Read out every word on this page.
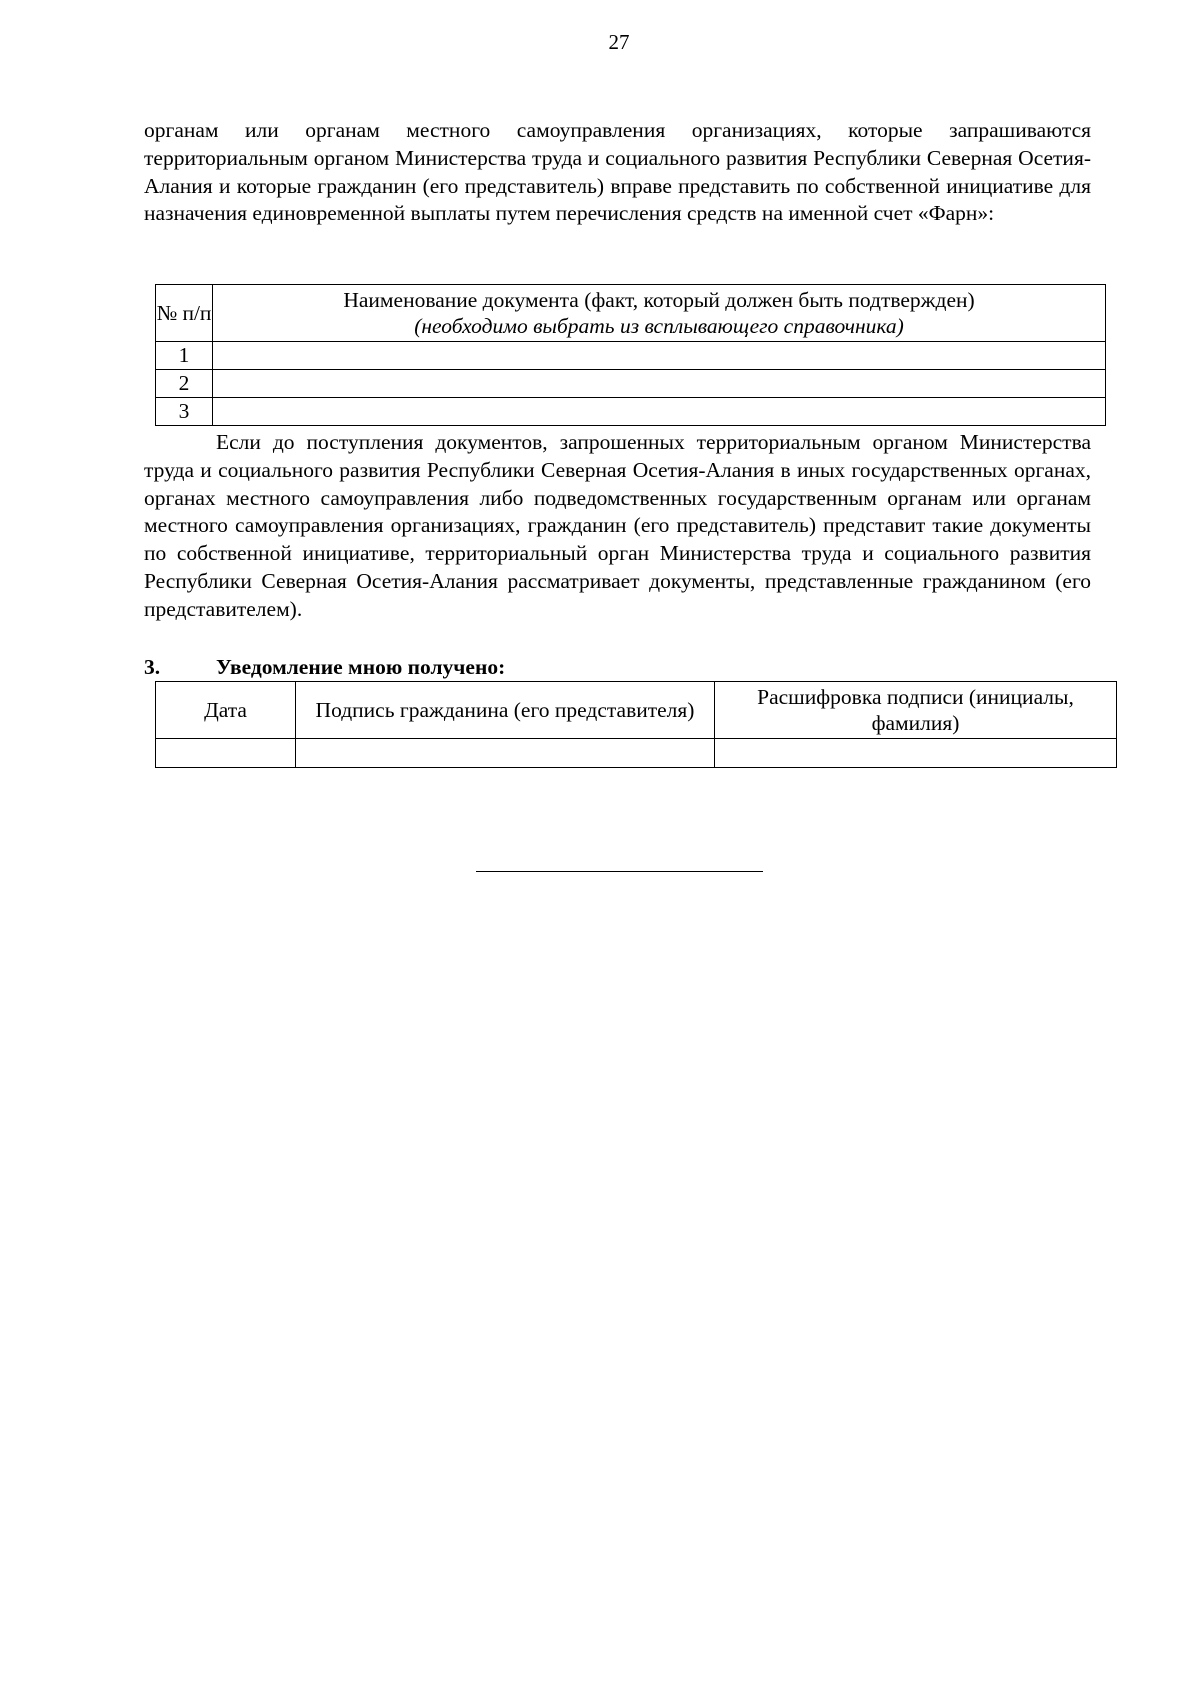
27
органам или органам местного самоуправления организациях, которые запрашиваются территориальным органом Министерства труда и социального развития Республики Северная Осетия-Алания и которые гражданин (его представитель) вправе представить по собственной инициативе для назначения единовременной выплаты путем перечисления средств на именной счет «Фарн»:
№ п/п	Наименование документа (факт, который должен быть подтвержден)
(необходимо выбрать из всплывающего справочника)

1	
2	
3	
Если до поступления документов, запрошенных территориальным органом Министерства труда и социального развития Республики Северная Осетия-Алания в иных государственных органах, органах местного самоуправления либо подведомственных государственным органам или органам местного самоуправления организациях, гражданин (его представитель) представит такие документы по собственной инициативе, территориальный орган Министерства труда и социального развития Республики Северная Осетия-Алания рассматривает документы, представленные гражданином (его представителем).
3.	Уведомление мною получено:
Дата	Подпись гражданина (его представителя)	Расшифровка подписи (инициалы, фамилия)
